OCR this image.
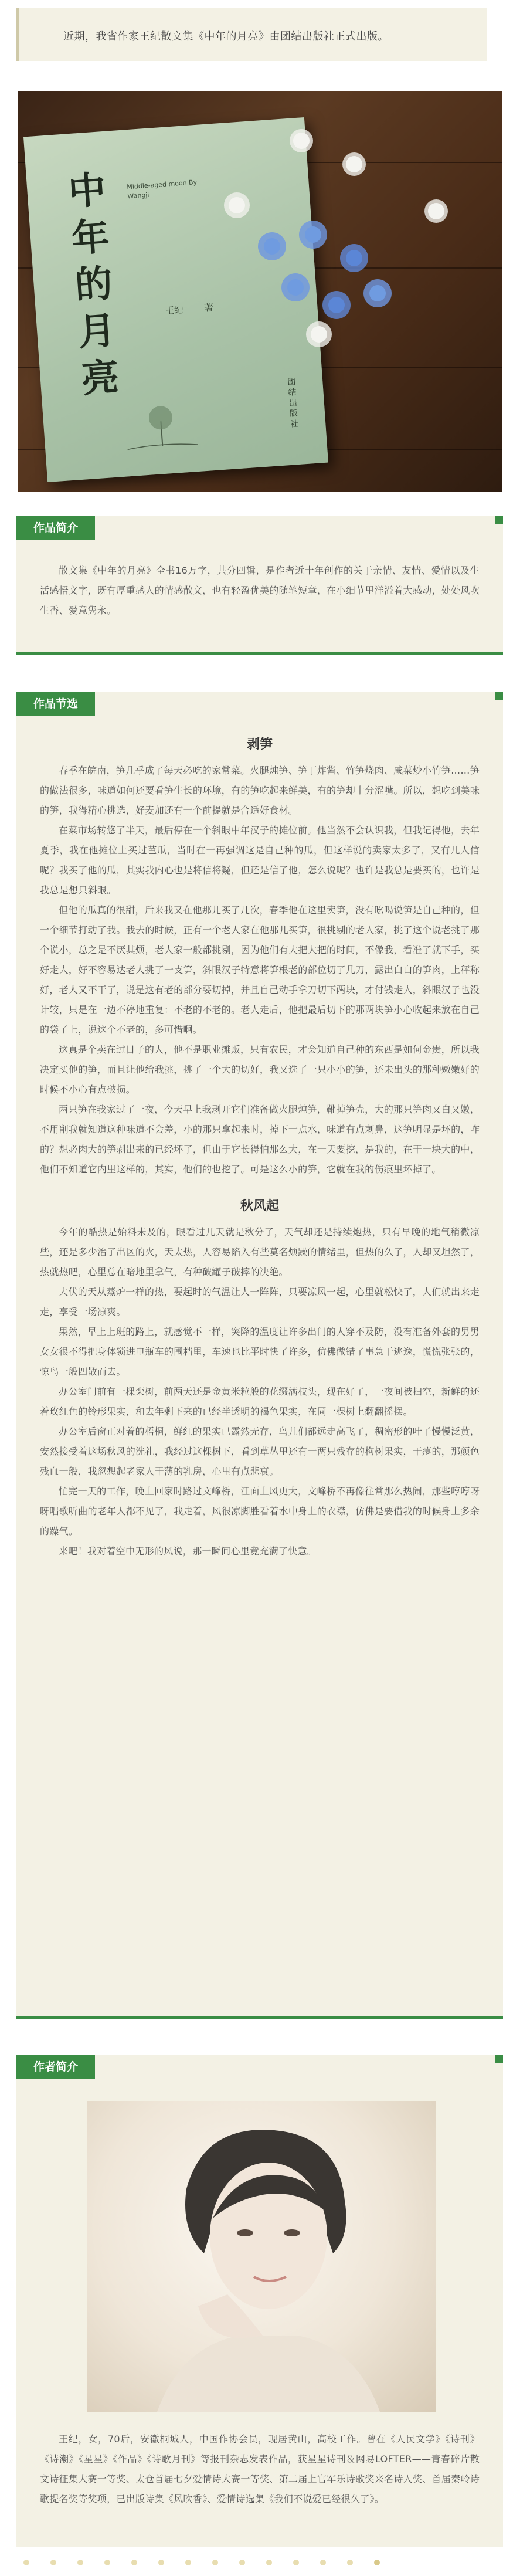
近期，我省作家王纪散文集《中年的月亮》由团结出版社正式出版。
中年的月亮
Middle-aged moon By Wangji
王纪 著
团结出版社
作品简介

散文集《中年的月亮》全书16万字，共分四辑，是作者近十年创作的关于亲情、友情、爱情以及生活感悟文字，既有厚重感人的情感散文，也有轻盈优美的随笔短章，在小细节里洋溢着大感动，处处风吹生香、爱意隽永。

作品节选

剥笋

春季在皖南，笋几乎成了每天必吃的家常菜。火腿炖笋、笋丁炸酱、竹笋烧肉、咸菜炒小竹笋……笋的做法很多，味道如何还要看笋生长的环境，有的笋吃起来鲜美，有的笋却十分涩嘴。所以，想吃到美味的笋，我得精心挑选，好麦加还有一个前提就是合适好食材。

在菜市场转悠了半天，最后停在一个斜眼中年汉子的摊位前。他当然不会认识我，但我记得他，去年夏季，我在他摊位上买过芭瓜，当时在一再强调这是自己种的瓜，但这样说的卖家太多了，又有几人信呢？我买了他的瓜，其实我内心也是将信将疑，但还是信了他，怎么说呢？也许是我总是要买的，也许是我总是想只斜眼。

但他的瓜真的很甜，后来我又在他那儿买了几次，春季他在这里卖笋，没有吆喝说笋是自己种的，但一个细节打动了我。我去的时候，正有一个老人家在他那儿买笋，很挑剔的老人家，挑了这个说老挑了那个说小，总之是不厌其烦，老人家一般都挑剔，因为他们有大把大把的时间，不像我，看准了就下手，买好走人，好不容易达老人挑了一支笋，斜眼汉子特意将笋根老的部位切了几刀，露出白白的笋肉，上秤称好，老人又不干了，说是这有老的部分要切掉，并且自己动手拿刀切下两块，才付钱走人，斜眼汉子也没计较，只是在一边不停地重复：不老的不老的。老人走后，他把最后切下的那两块笋小心收起来放在自己的袋子上，说这个不老的，多可惜啊。

这真是个卖在过日子的人，他不是职业摊贩，只有农民，才会知道自己种的东西是如何金贵，所以我决定买他的笋，而且让他给我挑，挑了一个大的切好，我又选了一只小小的笋，还未出头的那种嫩嫩好的时候不小心有点破损。

两只笋在我家过了一夜，今天早上我剥开它们准备做火腿炖笋，靴掉笋壳，大的那只笋肉又白又嫩，不用削我就知道这种味道不会差，小的那只拿起来时，掉下一点水，味道有点刺鼻，这笋明显是坏的，咋的？想必肉大的笋剥出来的已经坏了，但由于它长得怕那么大，在一天要挖，是我的，在干一块大的中，他们不知道它内里这样的，其实，他们的也挖了。可是这么小的笋，它就在我的伤痕里坏掉了。

秋风起

今年的酷热是始料未及的，眼看过几天就是秋分了，天气却还是持续炮热，只有早晚的地气稍微凉些，还是多少治了出区的火，天太热，人容易陷入有些莫名烦躁的情绪里，但热的久了，人却又坦然了，热就热吧，心里总在暗地里拿气，有种破罐子破摔的决绝。

大伏的天从蒸炉一样的热，要起时的气温让人一阵阵，只要凉风一起，心里就松快了，人们就出来走走，享受一场凉爽。

果然，早上上班的路上，就感觉不一样，突降的温度让许多出门的人穿不及防，没有准备外套的男男女女很不得把身体锁进电瓶车的围档里，车速也比平时快了许多，仿佛做错了事急于逃逸，慌慌张张的，惊鸟一般四散而去。

办公室门前有一棵栾树，前两天还是金黄米粒般的花缀满枝头，现在好了，一夜间被扫空，新鲜的还着玫红色的铃形果实，和去年剩下来的已经半透明的褐色果实，在同一棵树上翻翻摇摆。

办公室后窗正对着的梧桐，鲜红的果实已露然无存，鸟儿们都远走高飞了，稠密形的叶子慢慢泛黄，安然接受着这场秋风的洗礼，我经过这棵树下，看到草丛里还有一两只残存的枸树果实，干瘪的，那颜色残血一般，我忽想起老家人干薄的乳房，心里有点悲哀。

忙完一天的工作，晚上回家时路过文峰桥，江面上风更大，文峰桥不再像往常那么热闹，那些哼哼呀呀唱歌听曲的老年人都不见了，我走着，风很凉脚胜看着水中身上的衣襟，仿佛是要借我的时候身上多余的躁气。

来吧！我对着空中无形的风说，那一瞬间心里竟充满了快意。

作者简介

王纪，女，70后，安徽桐城人，中国作协会员，现居黄山，高校工作。曾在《人民文学》《诗刊》《诗潮》《星星》《作品》《诗歌月刊》等报刊杂志发表作品，获星星诗刊＆网易LOFTER——青春碎片散文诗征集大赛一等奖、太仓首届七夕爱情诗大赛一等奖、第二届上官军乐诗歌奖来名诗人奖、首届秦岭诗歌提名奖等奖项，已出版诗集《风吹香》、爱情诗选集《我们不说爱已经很久了》。
